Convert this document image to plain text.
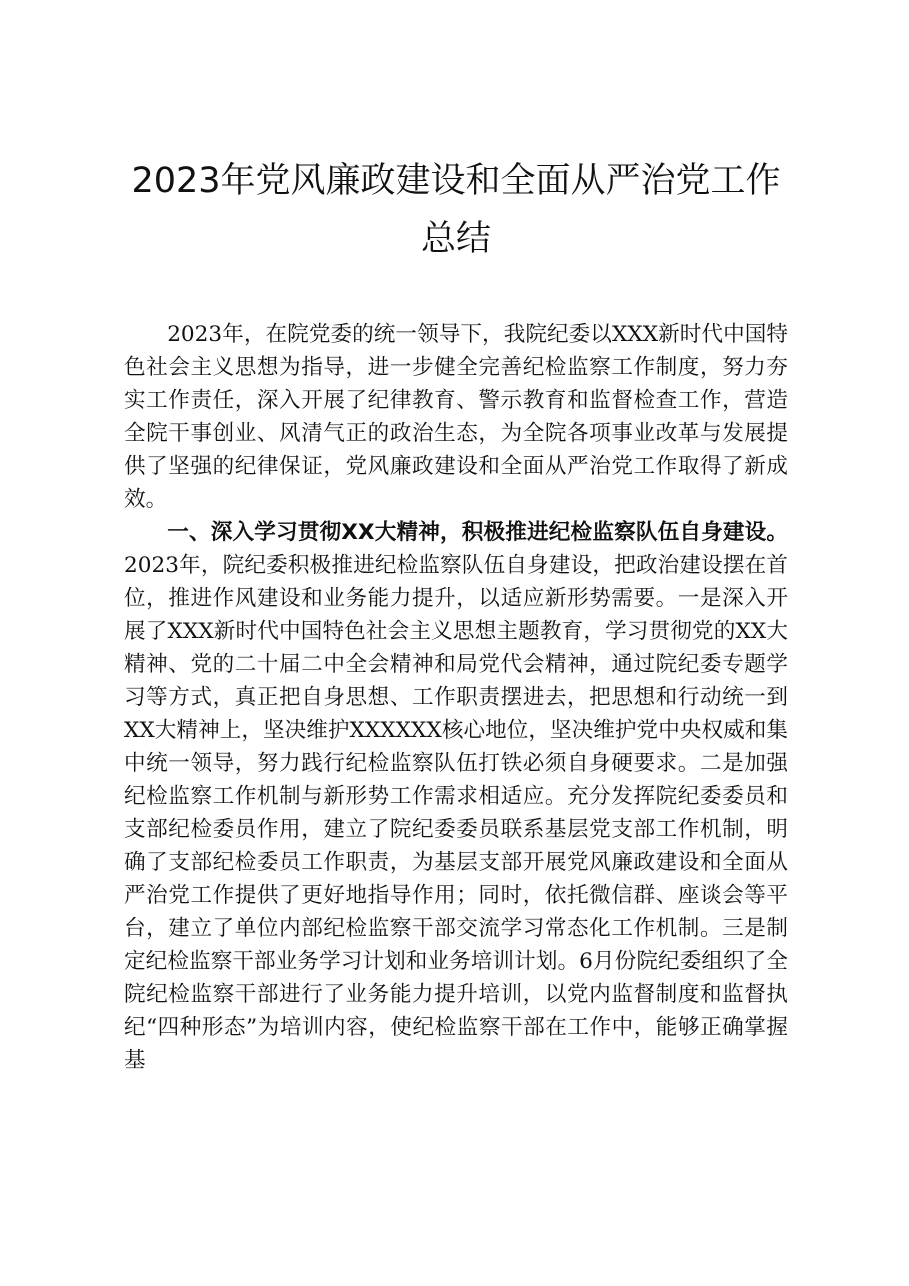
2023年党风廉政建设和全面从严治党工作总结

2023年，在院党委的统一领导下，我院纪委以XXX新时代中国特色社会主义思想为指导，进一步健全完善纪检监察工作制度，努力夯实工作责任，深入开展了纪律教育、警示教育和监督检查工作，营造全院干事创业、风清气正的政治生态，为全院各项事业改革与发展提供了坚强的纪律保证，党风廉政建设和全面从严治党工作取得了新成效。

一、深入学习贯彻XX大精神，积极推进纪检监察队伍自身建设。2023年，院纪委积极推进纪检监察队伍自身建设，把政治建设摆在首位，推进作风建设和业务能力提升，以适应新形势需要。一是深入开展了XXX新时代中国特色社会主义思想主题教育，学习贯彻党的XX大精神、党的二十届二中全会精神和局党代会精神，通过院纪委专题学习等方式，真正把自身思想、工作职责摆进去，把思想和行动统一到XX大精神上，坚决维护XXXXXX核心地位，坚决维护党中央权威和集中统一领导，努力践行纪检监察队伍打铁必须自身硬要求。二是加强纪检监察工作机制与新形势工作需求相适应。充分发挥院纪委委员和支部纪检委员作用，建立了院纪委委员联系基层党支部工作机制，明确了支部纪检委员工作职责，为基层支部开展党风廉政建设和全面从严治党工作提供了更好地指导作用；同时，依托微信群、座谈会等平台，建立了单位内部纪检监察干部交流学习常态化工作机制。三是制定纪检监察干部业务学习计划和业务培训计划。6月份院纪委组织了全院纪检监察干部进行了业务能力提升培训，以党内监督制度和监督执纪“四种形态”为培训内容，使纪检监察干部在工作中，能够正确掌握基
